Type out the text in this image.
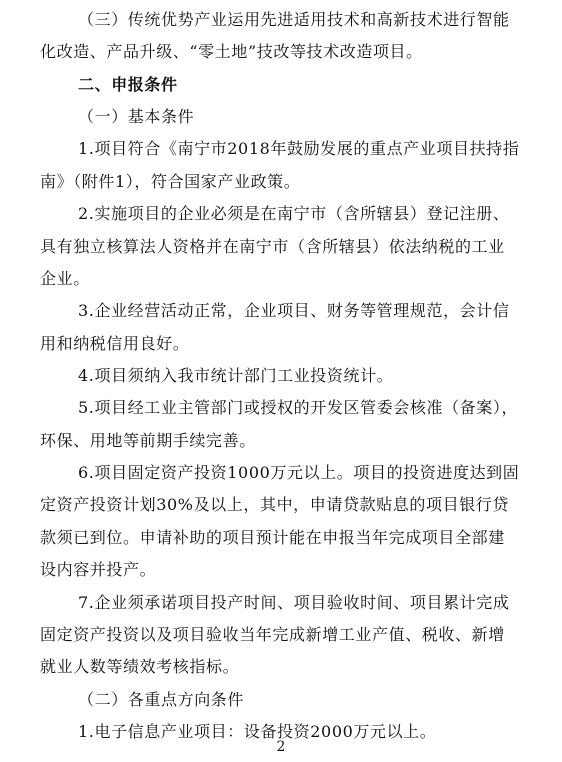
（三）传统优势产业运用先进适用技术和高新技术进行智能
化改造、产品升级、“零土地”技改等技术改造项目。
二、申报条件
（一）基本条件
1.项目符合《南宁市2018年鼓励发展的重点产业项目扶持指
南》（附件1），符合国家产业政策。
2.实施项目的企业必须是在南宁市（含所辖县）登记注册、
具有独立核算法人资格并在南宁市（含所辖县）依法纳税的工业
企业。
3.企业经营活动正常，企业项目、财务等管理规范，会计信
用和纳税信用良好。
4.项目须纳入我市统计部门工业投资统计。
5.项目经工业主管部门或授权的开发区管委会核准（备案），
环保、用地等前期手续完善。
6.项目固定资产投资1000万元以上。项目的投资进度达到固
定资产投资计划30%及以上，其中，申请贷款贴息的项目银行贷
款须已到位。申请补助的项目预计能在申报当年完成项目全部建
设内容并投产。
7.企业须承诺项目投产时间、项目验收时间、项目累计完成
固定资产投资以及项目验收当年完成新增工业产值、税收、新增
就业人数等绩效考核指标。
（二）各重点方向条件
1.电子信息产业项目：设备投资2000万元以上。
2
